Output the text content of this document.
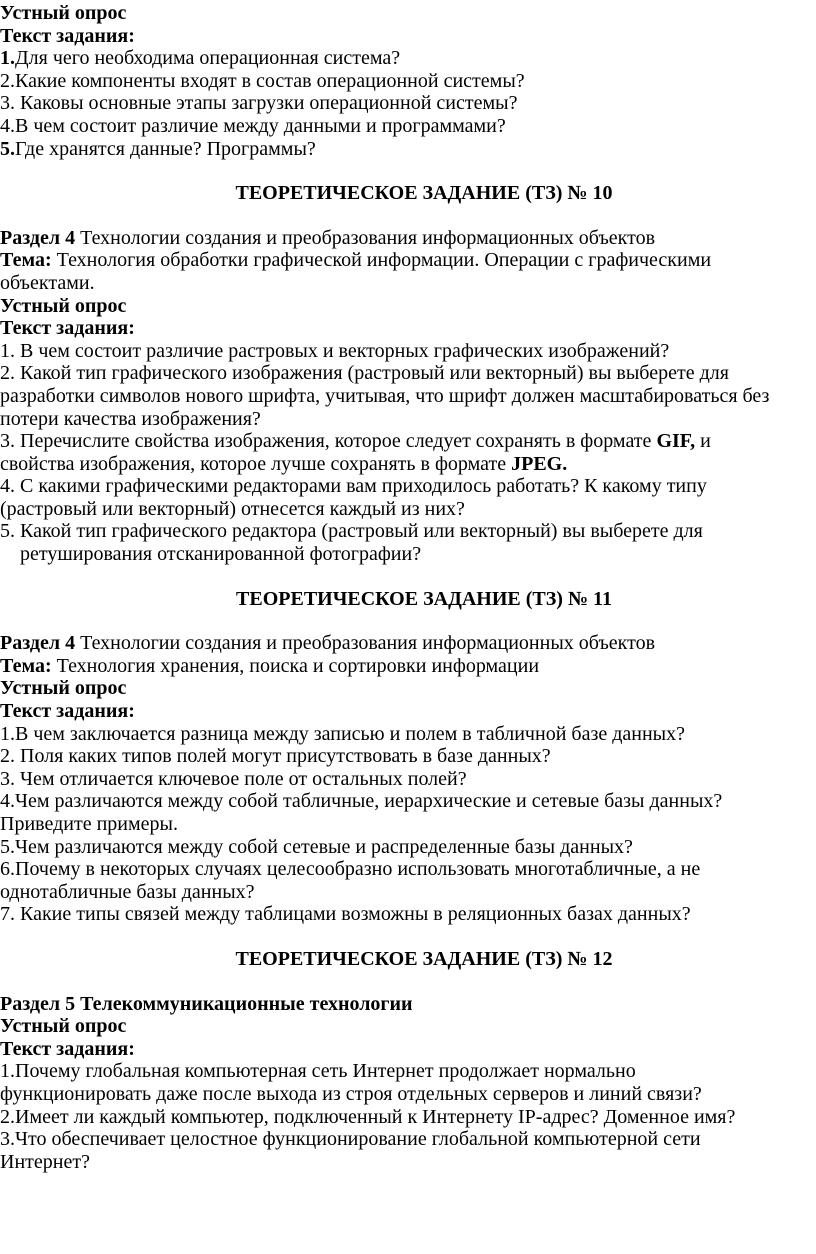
Устный опрос

Текст задания:

1.Для чего необходима операционная система?

2.Какие компоненты входят в состав операционной системы?

3. Каковы основные этапы загрузки операционной системы?

4.В чем состоит различие между данными и программами?

5.Где хранятся данные? Программы?

ТЕОРЕТИЧЕСКОЕ ЗАДАНИЕ (ТЗ) № 10

Раздел 4 Технологии создания и преобразования информационных объектов

Тема: Технология обработки графической информации. Операции с графическими

объектами.

Устный опрос

Текст задания:

1. В чем состоит различие растровых и векторных графических изображений?

2. Какой тип графического изображения (растровый или векторный) вы выберете для

разработки символов нового шрифта, учитывая, что шрифт должен масштабироваться без

потери качества изображения?

3. Перечислите свойства изображения, которое следует сохранять в формате GIF, и

свойства изображения, которое лучше сохранять в формате JPEG.

4. С какими графическими редакторами вам приходилось работать? К какому типу

(растровый или векторный) отнесется каждый из них?

5. Какой тип графического редактора (растровый или векторный) вы выберете для

ретуширования отсканированной фотографии?

ТЕОРЕТИЧЕСКОЕ ЗАДАНИЕ (ТЗ) № 11

Раздел 4 Технологии создания и преобразования информационных объектов

Тема: Технология хранения, поиска и сортировки информации

Устный опрос

Текст задания:

1.В чем заключается разница между записью и полем в табличной базе данных?

2. Поля каких типов полей могут присутствовать в базе данных?

3. Чем отличается ключевое поле от остальных полей?

4.Чем различаются между собой табличные, иерархические и сетевые базы данных?

Приведите примеры.

5.Чем различаются между собой сетевые и распределенные базы данных?

6.Почему в некоторых случаях целесообразно использовать многотабличные, а не

однотабличные базы данных?

7. Какие типы связей между таблицами возможны в реляционных базах данных?

ТЕОРЕТИЧЕСКОЕ ЗАДАНИЕ (ТЗ) № 12

Раздел 5 Телекоммуникационные технологии

Устный опрос

Текст задания:

1.Почему глобальная компьютерная сеть Интернет продолжает нормально

функционировать даже после выхода из строя отдельных серверов и линий связи?

2.Имеет ли каждый компьютер, подключенный к Интернету IP-адрес? Доменное имя?

3.Что обеспечивает целостное функционирование глобальной компьютерной сети

Интернет?
